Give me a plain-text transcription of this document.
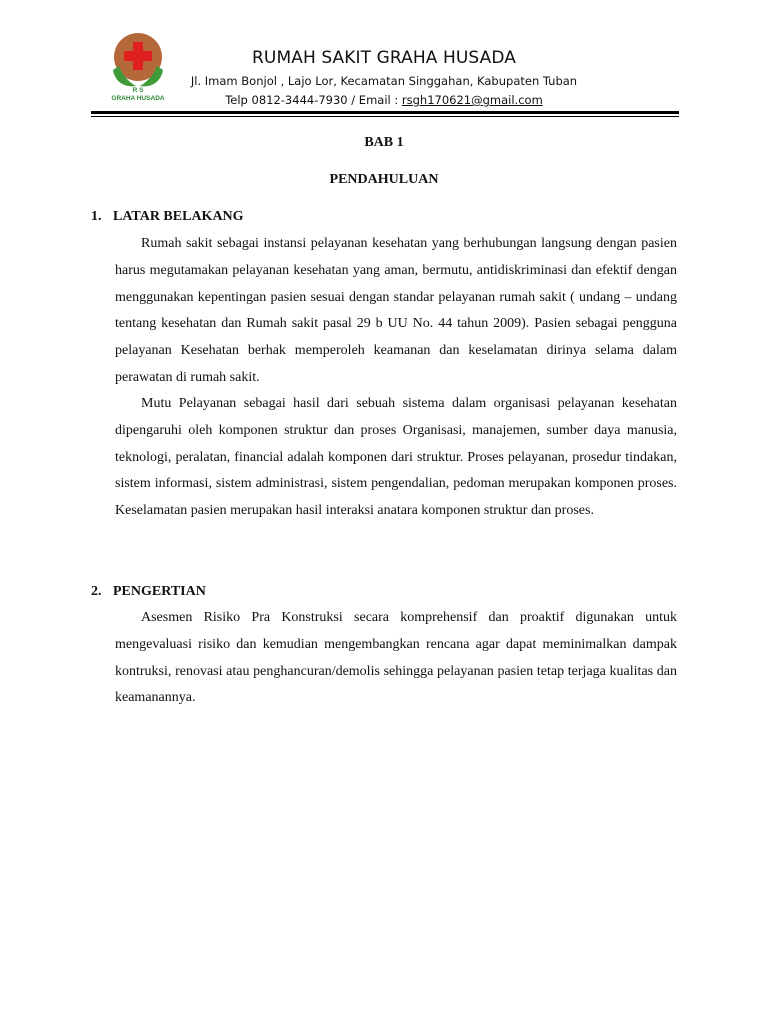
R S
GRAHA HUSADA
RUMAH SAKIT GRAHA HUSADA
Jl. Imam Bonjol , Lajo Lor, Kecamatan Singgahan, Kabupaten Tuban
Telp 0812-3444-7930 / Email : rsgh170621@gmail.com
BAB 1
PENDAHULUAN
1. LATAR BELAKANG

Rumah sakit sebagai instansi pelayanan kesehatan yang berhubungan langsung dengan pasien harus megutamakan pelayanan kesehatan yang aman, bermutu, antidiskriminasi dan efektif dengan menggunakan kepentingan pasien sesuai dengan standar pelayanan rumah sakit ( undang – undang tentang kesehatan dan Rumah sakit pasal 29 b UU No. 44 tahun 2009). Pasien sebagai pengguna pelayanan Kesehatan berhak memperoleh keamanan dan keselamatan dirinya selama dalam perawatan di rumah sakit.

Mutu Pelayanan sebagai hasil dari sebuah sistema dalam organisasi pelayanan kesehatan dipengaruhi oleh komponen struktur dan proses Organisasi, manajemen, sumber daya manusia, teknologi, peralatan, financial adalah komponen dari struktur. Proses pelayanan, prosedur tindakan, sistem informasi, sistem administrasi, sistem pengendalian, pedoman merupakan komponen proses. Keselamatan pasien merupakan hasil interaksi anatara komponen struktur dan proses.

2. PENGERTIAN

Asesmen Risiko Pra Konstruksi secara komprehensif dan proaktif digunakan untuk mengevaluasi risiko dan kemudian mengembangkan rencana agar dapat meminimalkan dampak kontruksi, renovasi atau penghancuran/demolis sehingga pelayanan pasien tetap terjaga kualitas dan keamanannya.
